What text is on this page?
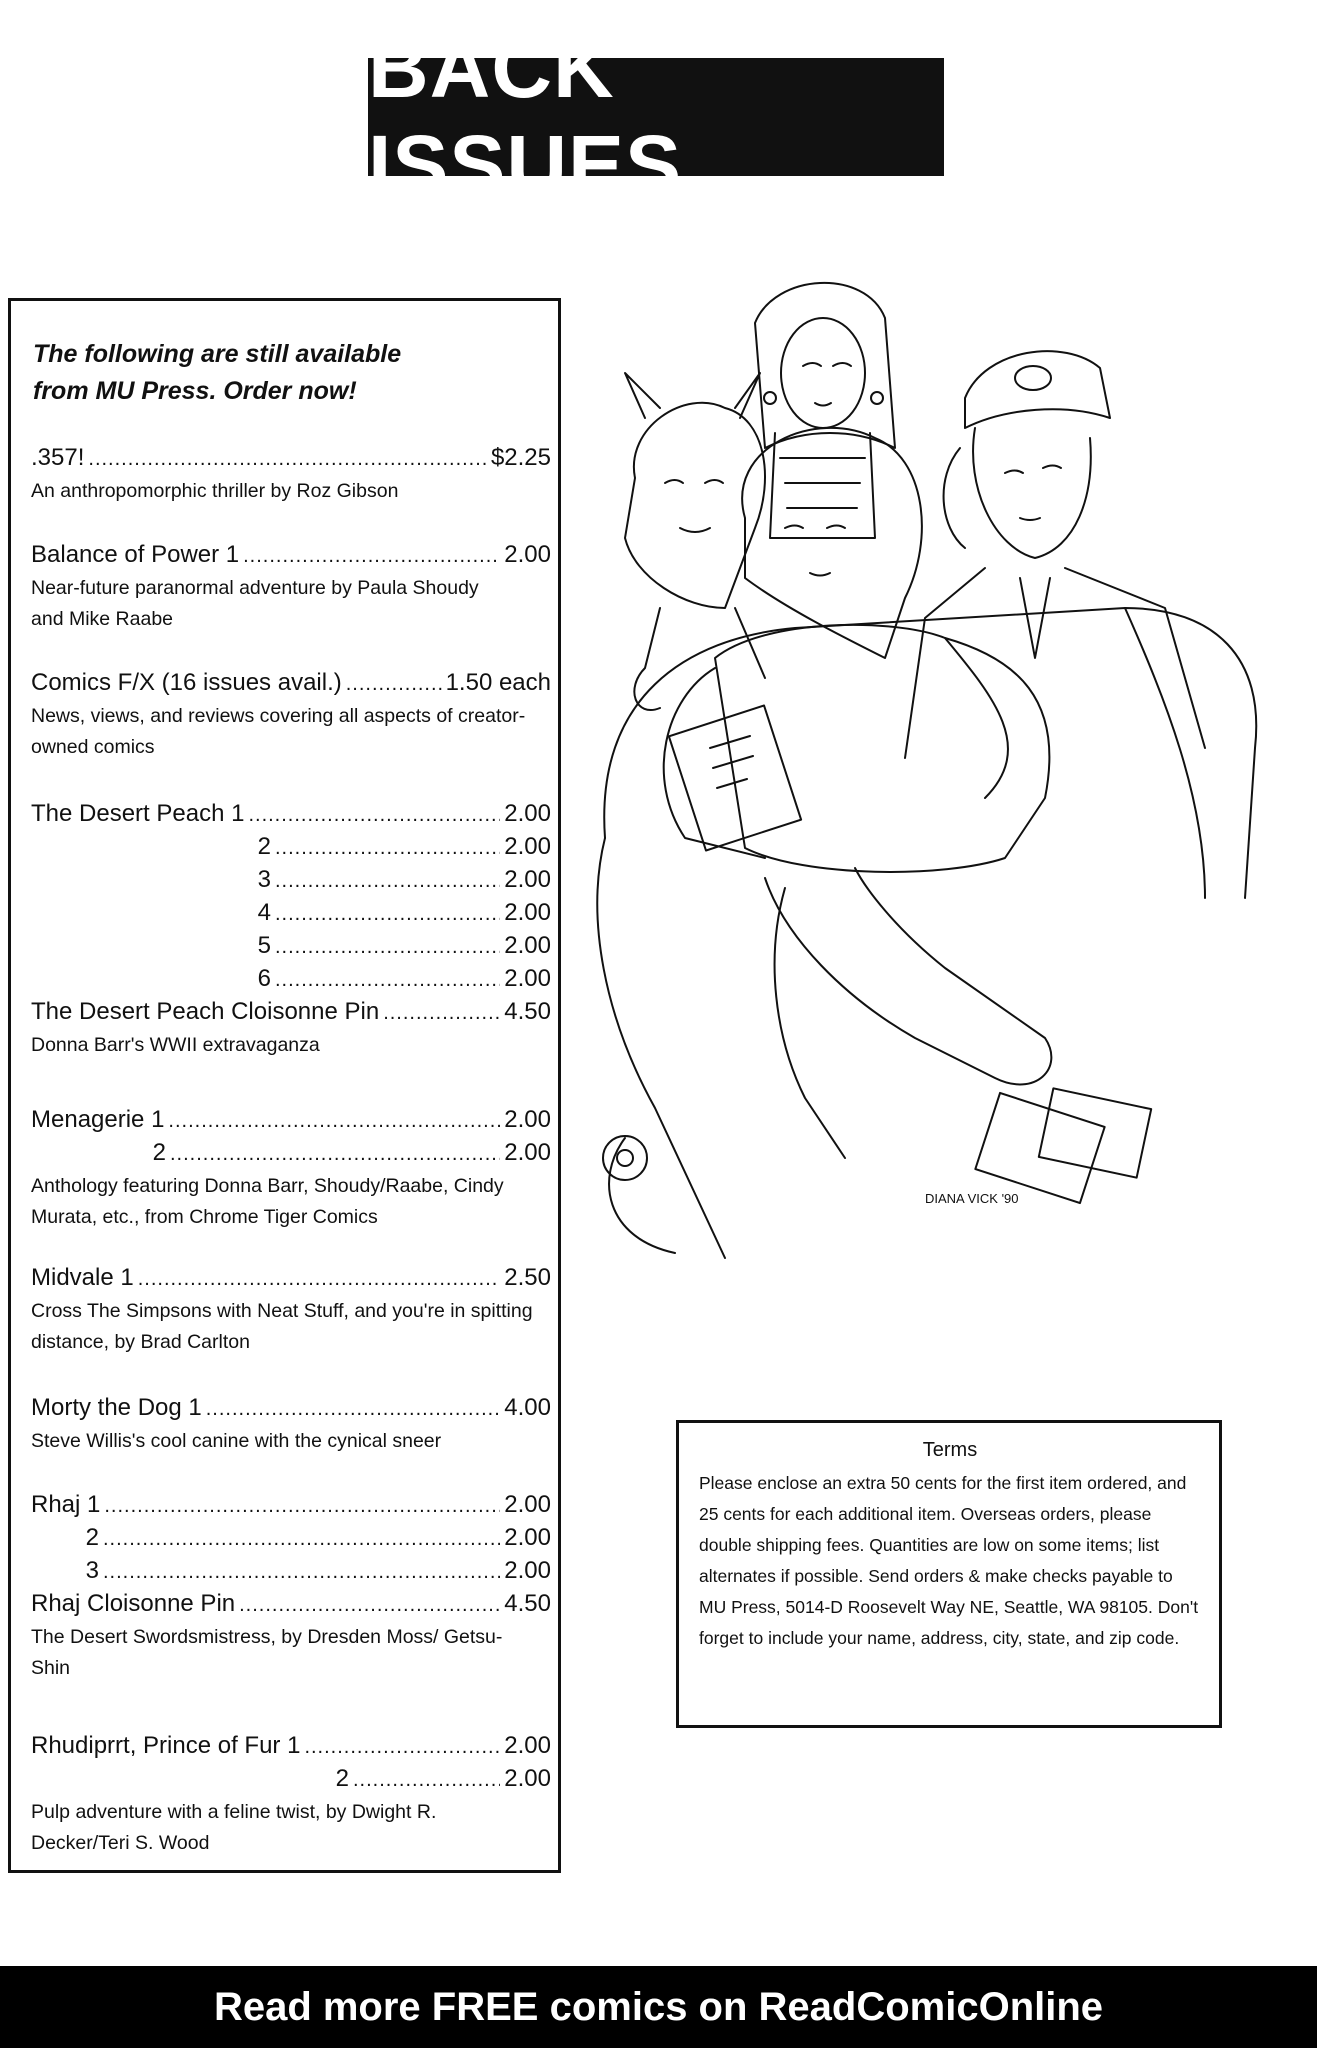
BACK ISSUES
The following are still available
from MU Press. Order now!
.357! .....	$2.25
An anthropomorphic thriller by Roz Gibson
Balance of Power 1 .....	2.00
Near-future paranormal adventure by Paula Shoudy and Mike Raabe
Comics F/X (16 issues avail.) .....	1.50 each
News, views, and reviews covering all aspects of creator-owned comics
The Desert Peach 1 .....	2.00
2 .....	2.00
3 .....	2.00
4 .....	2.00
5 .....	2.00
6 .....	2.00
The Desert Peach Cloisonne Pin .....	4.50
Donna Barr's WWII extravaganza
Menagerie 1 .....	2.00
2 .....	2.00
Anthology featuring Donna Barr, Shoudy/Raabe, Cindy Murata, etc., from Chrome Tiger Comics
Midvale 1 .....	2.50
Cross The Simpsons with Neat Stuff, and you're in spitting distance, by Brad Carlton
Morty the Dog 1 .....	4.00
Steve Willis's cool canine with the cynical sneer
Rhaj 1 .....	2.00
2 .....	2.00
3 .....	2.00
Rhaj Cloisonne Pin .....	4.50
The Desert Swordsmistress, by Dresden Moss/ Getsu-Shin
Rhudiprrt, Prince of Fur 1 .....	2.00
2 .....	2.00
Pulp adventure with a feline twist, by Dwight R. Decker/Teri S. Wood
DIANA VICK '90
Terms
Please enclose an extra 50 cents for the first item ordered, and 25 cents for each additional item. Overseas orders, please double shipping fees. Quantities are low on some items; list alternates if possible. Send orders & make checks payable to MU Press, 5014-D Roosevelt Way NE, Seattle, WA 98105. Don't forget to include your name, address, city, state, and zip code.
Read more FREE comics on ReadComicOnline
